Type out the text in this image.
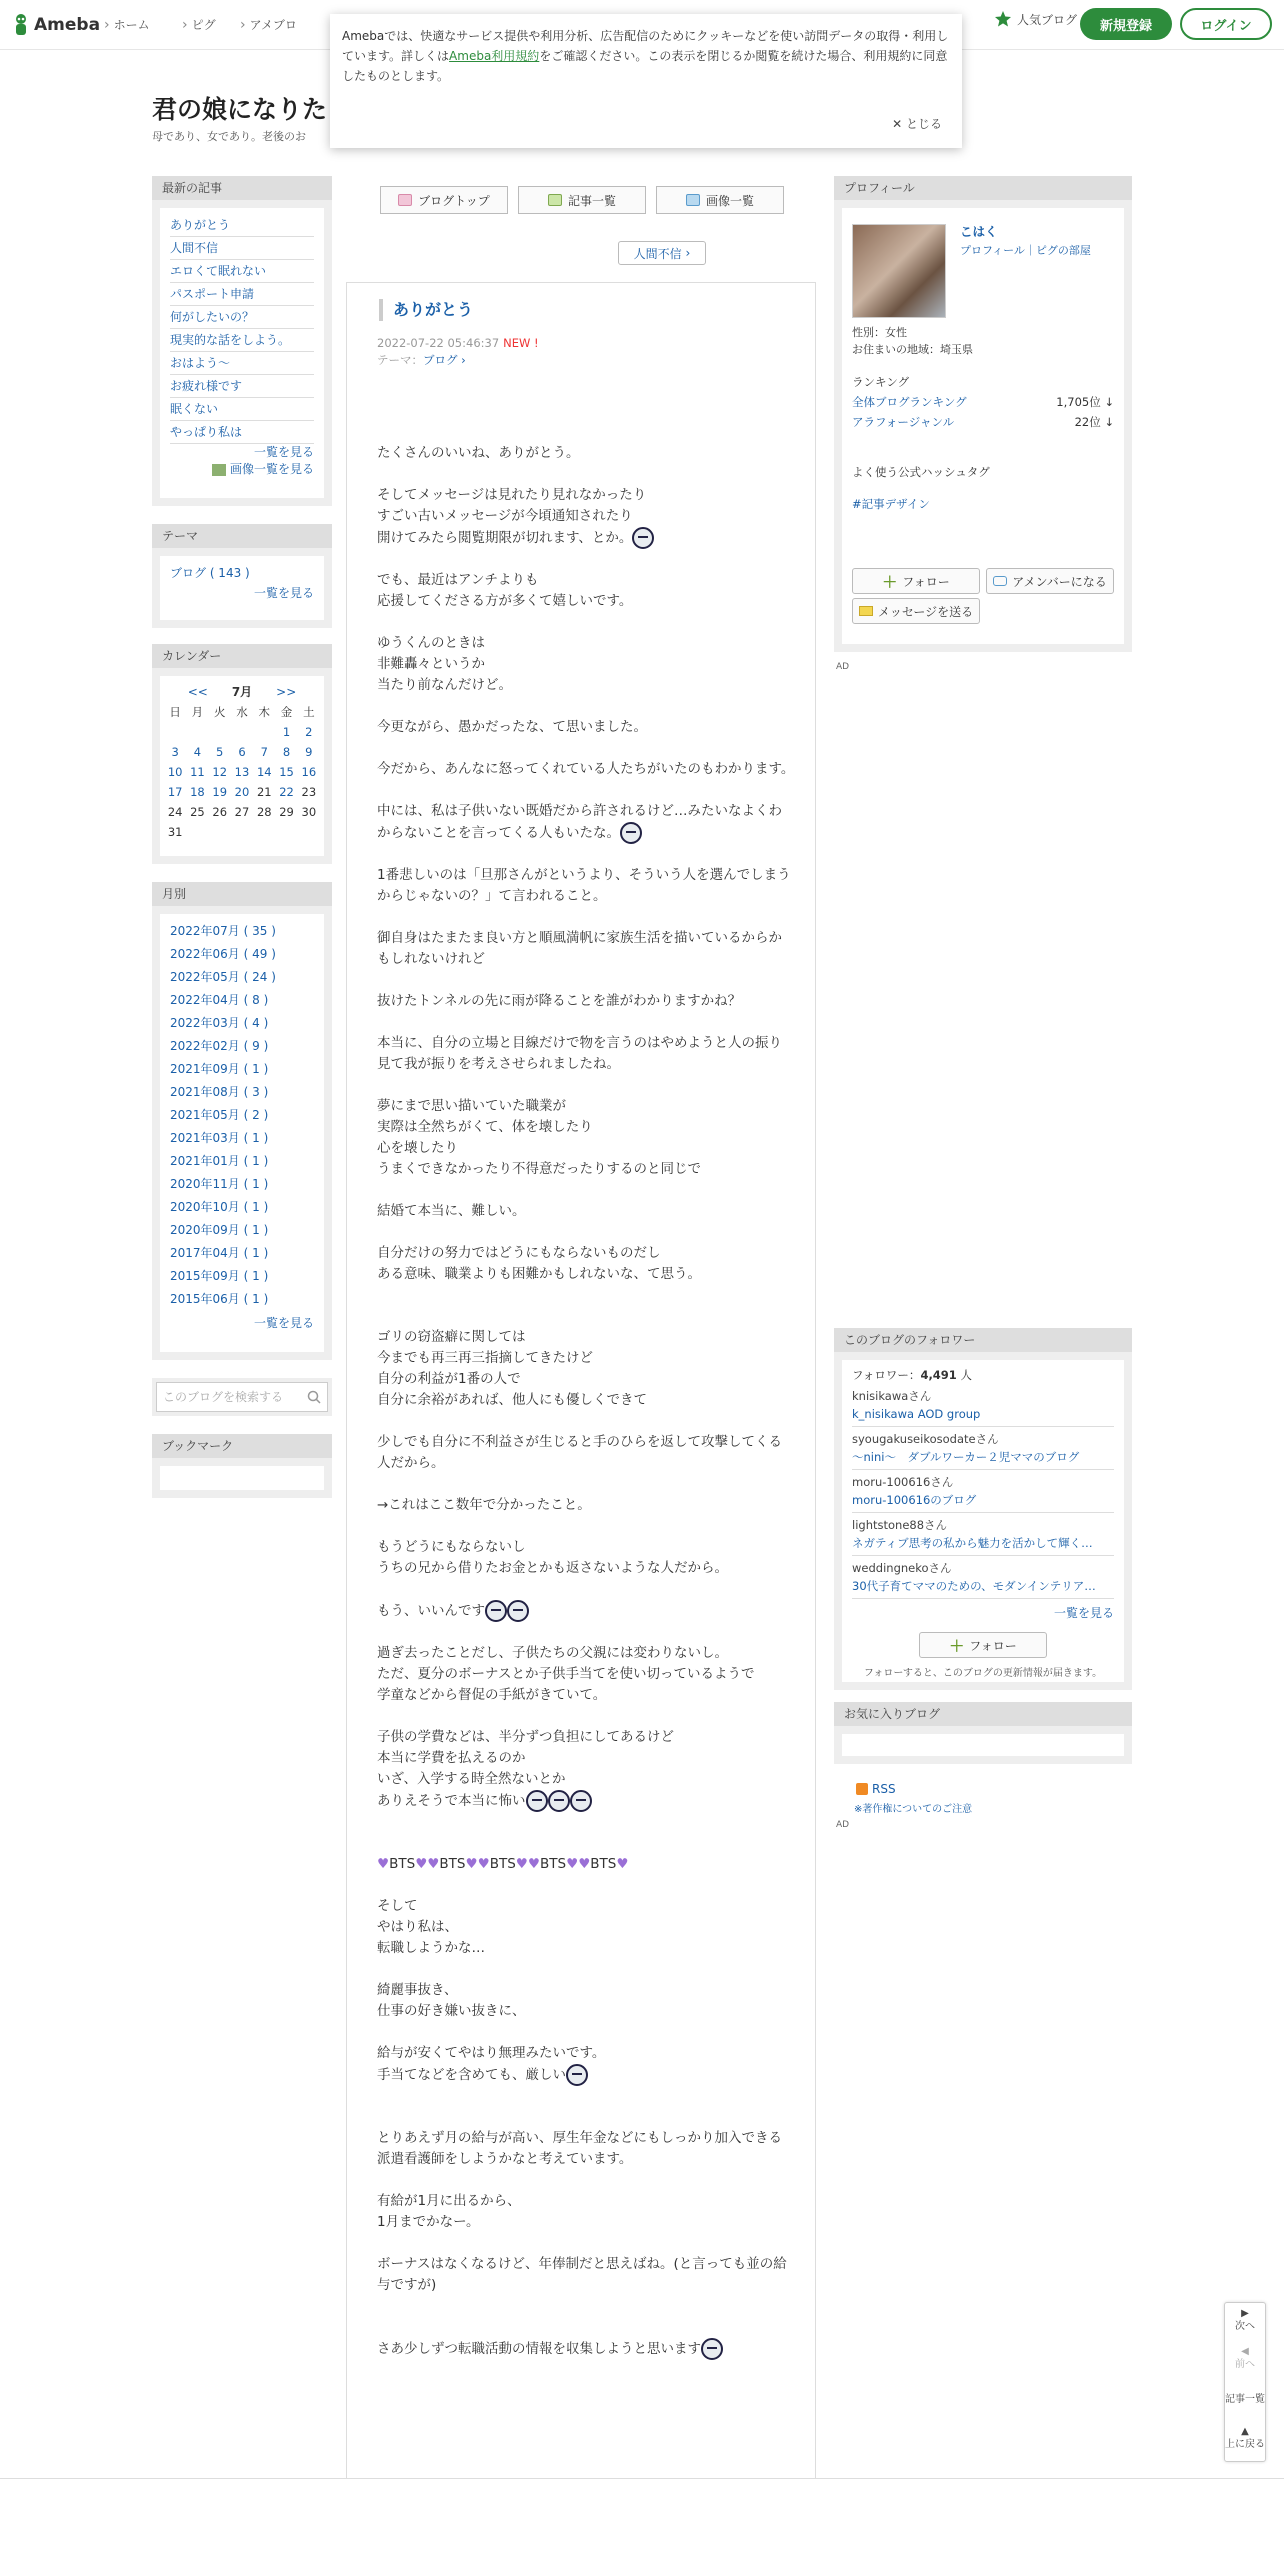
Ameba	› ホーム	› ピグ	› アメブロ	人気ブログ	新規登録	ログイン
君の娘になりた
母であり、女であり。老後のお
Amebaでは、快適なサービス提供や利用分析、広告配信のためにクッキーなどを使い訪問データの取得・利用しています。詳しくはAmeba利用規約をご確認ください。この表示を閉じるか閲覧を続けた場合、利用規約に同意したものとします。
✕ とじる
最新の記事
ありがとう
人間不信
エロくて眠れない
パスポート申請
何がしたいの？
現実的な話をしよう。
おはよう〜
お疲れ様です
眠くない
やっぱり私は
一覧を見る
画像一覧を見る
テーマ
ブログ ( 143 )
一覧を見る
カレンダー
<< 7月 >>
日	月	火	水	木	金	土
					1	2
3	4	5	6	7	8	9
10	11	12	13	14	15	16
17	18	19	20	21	22	23
24	25	26	27	28	29	30
31						
月別
2022年07月 ( 35 )
2022年06月 ( 49 )
2022年05月 ( 24 )
2022年04月 ( 8 )
2022年03月 ( 4 )
2022年02月 ( 9 )
2021年09月 ( 1 )
2021年08月 ( 3 )
2021年05月 ( 2 )
2021年03月 ( 1 )
2021年01月 ( 1 )
2020年11月 ( 1 )
2020年10月 ( 1 )
2020年09月 ( 1 )
2017年04月 ( 1 )
2015年09月 ( 1 )
2015年06月 ( 1 )
一覧を見る
このブログを検索する
ブックマーク
ブログトップ	記事一覧	画像一覧
人間不信 ›
ありがとう
2022-07-22 05:46:37 NEW !
テーマ：ブログ ›

たくさんのいいね、ありがとう。

そしてメッセージは見れたり見れなかったり
すごい古いメッセージが今頃通知されたり
開けてみたら閲覧期限が切れます、とか。

でも、最近はアンチよりも
応援してくださる方が多くて嬉しいです。

ゆうくんのときは
非難轟々というか
当たり前なんだけど。

今更ながら、愚かだったな、て思いました。

今だから、あんなに怒ってくれている人たちがいたのもわかります。

中には、私は子供いない既婚だから許されるけど…みたいなよくわからないことを言ってくる人もいたな。

1番悲しいのは「旦那さんがというより、そういう人を選んでしまうからじゃないの？」て言われること。

御自身はたまたま良い方と順風満帆に家族生活を描いているからかもしれないけれど

抜けたトンネルの先に雨が降ることを誰がわかりますかね？

本当に、自分の立場と目線だけで物を言うのはやめようと人の振り見て我が振りを考えさせられましたね。

夢にまで思い描いていた職業が
実際は全然ちがくて、体を壊したり
心を壊したり
うまくできなかったり不得意だったりするのと同じで

結婚て本当に、難しい。

自分だけの努力ではどうにもならないものだし
ある意味、職業よりも困難かもしれないな、て思う。

ゴリの窃盗癖に関しては
今までも再三再三指摘してきたけど
自分の利益が1番の人で
自分に余裕があれば、他人にも優しくできて

少しでも自分に不利益さが生じると手のひらを返して攻撃してくる人だから。

→これはここ数年で分かったこと。

もうどうにもならないし
うちの兄から借りたお金とかも返さないような人だから。

もう、いいんです

過ぎ去ったことだし、子供たちの父親には変わりないし。
ただ、夏分のボーナスとか子供手当てを使い切っているようで
学童などから督促の手紙がきていて。

子供の学費などは、半分ずつ負担にしてあるけど
本当に学費を払えるのか
いざ、入学する時全然ないとか
ありえそうで本当に怖い

♥BTS♥♥BTS♥♥BTS♥♥BTS♥♥BTS♥

そして
やはり私は、
転職しようかな…

綺麗事抜き、
仕事の好き嫌い抜きに、

給与が安くてやはり無理みたいです。
手当てなどを含めても、厳しい

とりあえず月の給与が高い、厚生年金などにもしっかり加入できる派遣看護師をしようかなと考えています。

有給が1月に出るから、
1月までかなー。

ボーナスはなくなるけど、年俸制だと思えばね。(と言っても並の給与ですが)

さあ少しずつ転職活動の情報を収集しようと思います

プロフィール
こはく
プロフィール｜ピグの部屋
性別：女性
お住まいの地域：埼玉県
ランキング
全体ブログランキング	1,705位 ↓
アラフォージャンル	22位 ↓
よく使う公式ハッシュタグ
#記事デザイン
＋ フォロー	アメンバーになる
メッセージを送る
AD
このブログのフォロワー
フォロワー：4,491 人
knisikawaさん
k_nisikawa AOD group
syougakuseikosodateさん
～nini～　ダブルワーカー２児ママのブログ
moru-100616さん
moru-100616のブログ
lightstone88さん
ネガティブ思考の私から魅力を活かして輝く…
weddingnekoさん
30代子育てママのための、モダンインテリア…
一覧を見る
＋ フォロー
フォローすると、このブログの更新情報が届きます。
お気に入りブログ
RSS
※著作権についてのご注意
AD
▶
次へ
◀
前へ
記事一覧
▲
上に戻る
